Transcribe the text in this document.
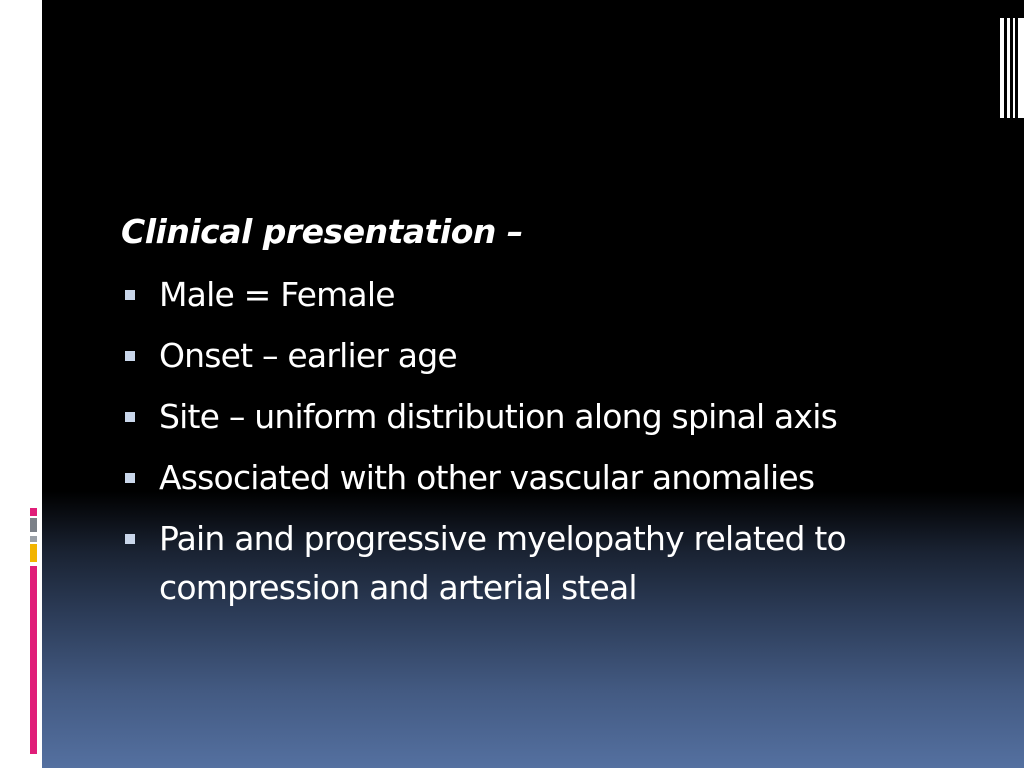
Clinical presentation –

Male = Female
Onset – earlier age
Site – uniform distribution along spinal axis
Associated with other vascular anomalies
Pain and progressive myelopathy related to compression and arterial steal
